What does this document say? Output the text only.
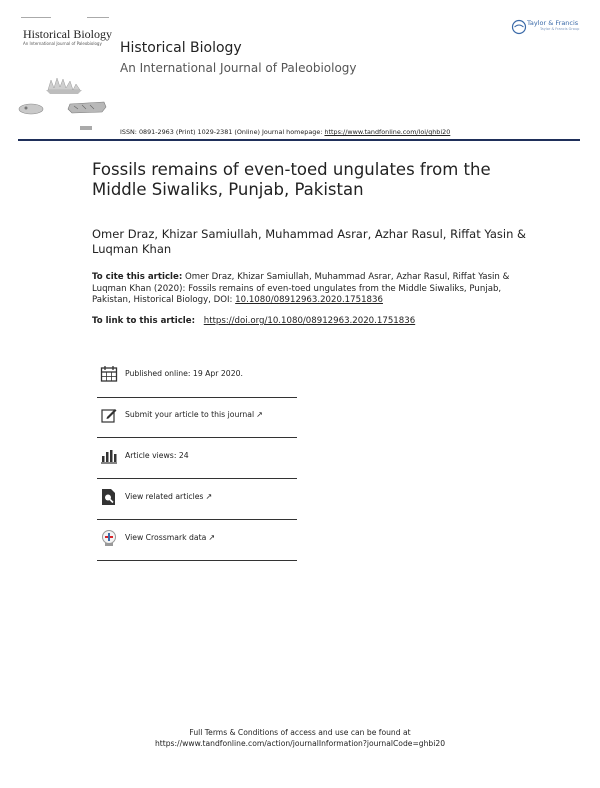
Historical Biology
An International Journal of Paleobiology Historical Biology
An International Journal of Paleobiology
Taylor & Francis
Taylor & Francis Group
ISSN: 0891-2963 (Print) 1029-2381 (Online) Journal homepage: https://www.tandfonline.com/loi/ghbi20
Fossils remains of even-toed ungulates from the Middle Siwaliks, Punjab, Pakistan
Omer Draz, Khizar Samiullah, Muhammad Asrar, Azhar Rasul, Riffat Yasin & Luqman Khan
To cite this article: Omer Draz, Khizar Samiullah, Muhammad Asrar, Azhar Rasul, Riffat Yasin & Luqman Khan (2020): Fossils remains of even-toed ungulates from the Middle Siwaliks, Punjab, Pakistan, Historical Biology, DOI: 10.1080/08912963.2020.1751836
To link to this article: https://doi.org/10.1080/08912963.2020.1751836
Published online: 19 Apr 2020.
Submit your article to this journal ↗
Article views: 24
View related articles ↗
View Crossmark data ↗
Full Terms & Conditions of access and use can be found at
https://www.tandfonline.com/action/journalInformation?journalCode=ghbi20
